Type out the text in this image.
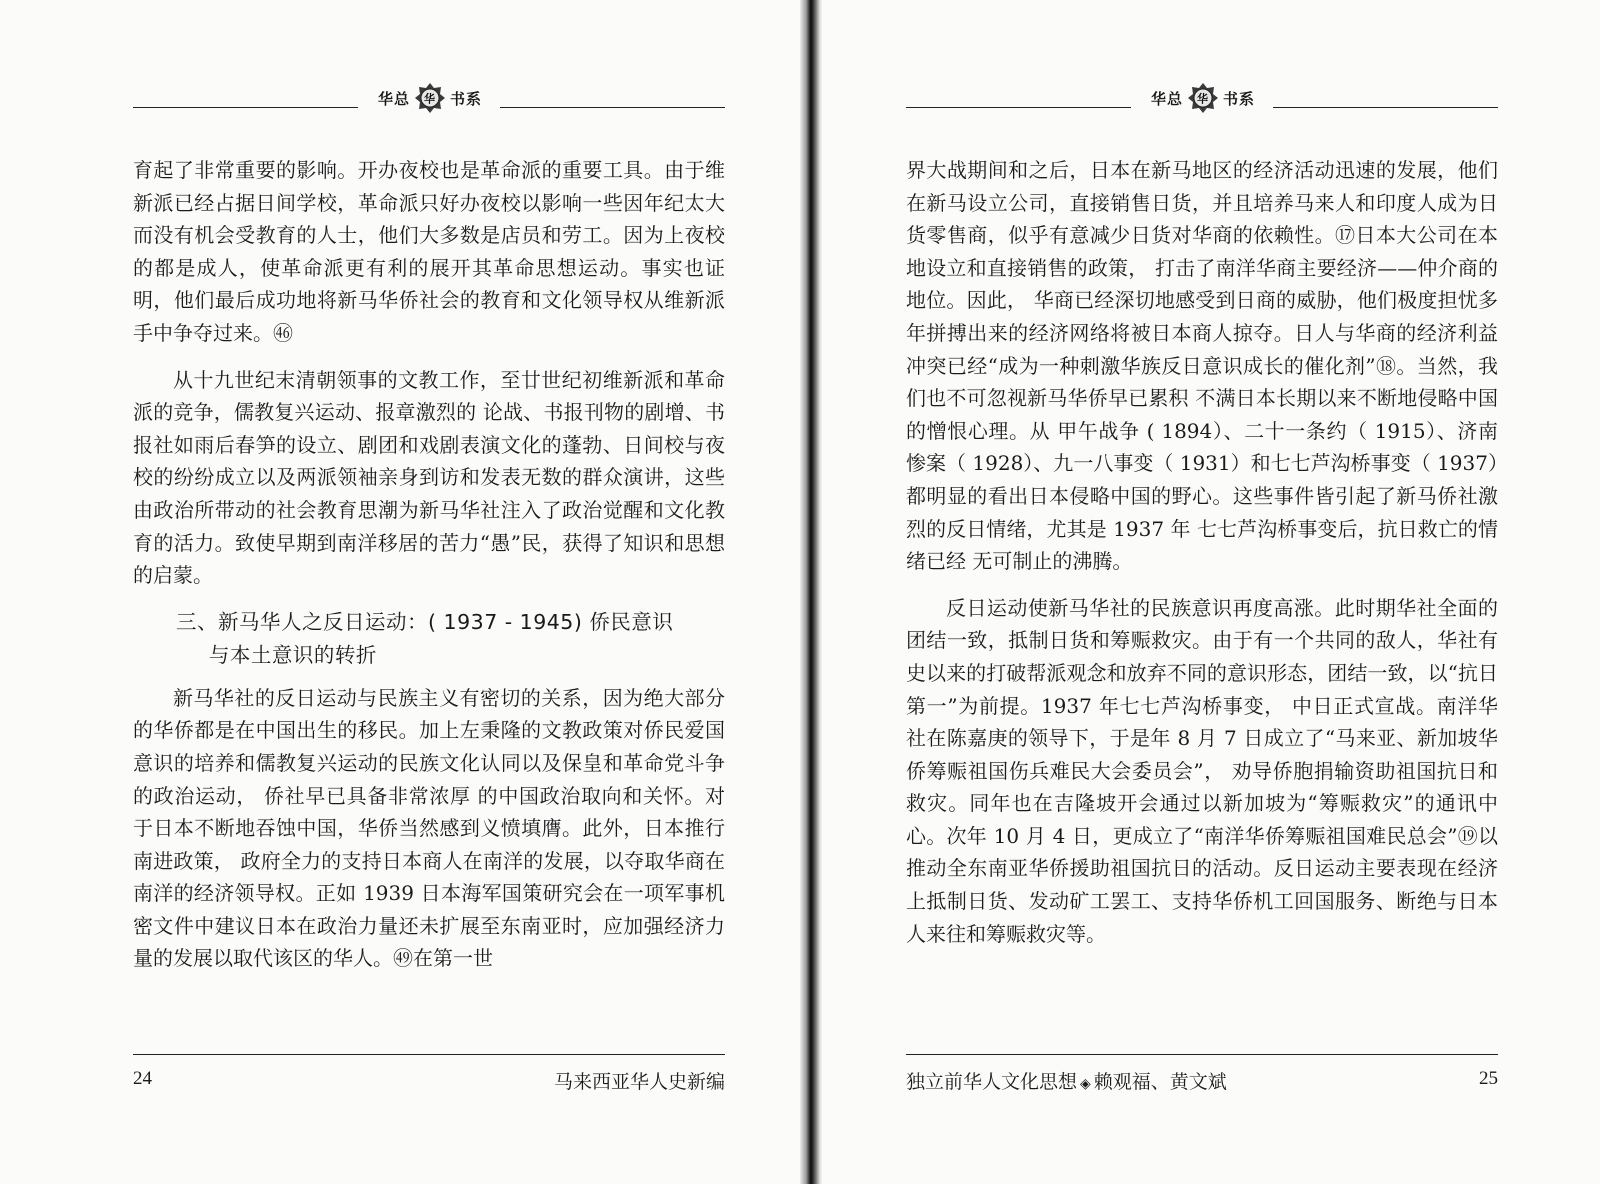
华总 华 书系

育起了非常重要的影响。开办夜校也是革命派的重要工具。由于维新派已经占据日间学校，革命派只好办夜校以影响一些因年纪太大而没有机会受教育的人士，他们大多数是店员和劳工。因为上夜校的都是成人，使革命派更有利的展开其革命思想运动。事实也证明，他们最后成功地将新马华侨社会的教育和文化领导权从维新派手中争夺过来。㊻

从十九世纪末清朝领事的文教工作，至廿世纪初维新派和革命派的竞争，儒教复兴运动、报章激烈的 论战、书报刊物的剧增、书报社如雨后春笋的设立、剧团和戏剧表演文化的蓬勃、日间校与夜校的纷纷成立以及两派领袖亲身到访和发表无数的群众演讲，这些由政治所带动的社会教育思潮为新马华社注入了政治觉醒和文化教育的活力。致使早期到南洋移居的苦力“愚”民，获得了知识和思想的启蒙。

三、新马华人之反日运动：( 1937 - 1945) 侨民意识
与本土意识的转折

新马华社的反日运动与民族主义有密切的关系，因为绝大部分的华侨都是在中国出生的移民。加上左秉隆的文教政策对侨民爱国意识的培养和儒教复兴运动的民族文化认同以及保皇和革命党斗争的政治运动， 侨社早已具备非常浓厚 的中国政治取向和关怀。对于日本不断地吞蚀中国，华侨当然感到义愤填膺。此外，日本推行南进政策， 政府全力的支持日本商人在南洋的发展，以夺取华商在南洋的经济领导权。正如 1939 日本海军国策研究会在一项军事机密文件中建议日本在政治力量还未扩展至东南亚时，应加强经济力量的发展以取代该区的华人。㊾在第一世

24	马来西亚华人史新编
华总 华 书系

界大战期间和之后，日本在新马地区的经济活动迅速的发展，他们在新马设立公司，直接销售日货，并且培养马来人和印度人成为日货零售商，似乎有意减少日货对华商的依赖性。⑰日本大公司在本地设立和直接销售的政策， 打击了南洋华商主要经济——仲介商的地位。因此， 华商已经深切地感受到日商的威胁，他们极度担忧多年拼搏出来的经济网络将被日本商人掠夺。日人与华商的经济利益冲突已经“成为一种刺激华族反日意识成长的催化剂”⑱。当然，我们也不可忽视新马华侨早已累积 不满日本长期以来不断地侵略中国的憎恨心理。从 甲午战争 ( 1894）、二十一条约（ 1915）、济南惨案（ 1928）、九一八事变（ 1931）和七七芦沟桥事变（ 1937）都明显的看出日本侵略中国的野心。这些事件皆引起了新马侨社激烈的反日情绪，尤其是 1937 年 七七芦沟桥事变后，抗日救亡的情绪已经 无可制止的沸腾。

反日运动使新马华社的民族意识再度高涨。此时期华社全面的团结一致，抵制日货和筹赈救灾。由于有一个共同的敌人，华社有史以来的打破帮派观念和放弃不同的意识形态，团结一致，以“抗日第一”为前提。1937 年七七芦沟桥事变， 中日正式宣战。南洋华社在陈嘉庚的领导下，于是年 8 月 7 日成立了“马来亚、新加坡华侨筹赈祖国伤兵难民大会委员会”， 劝导侨胞捐输资助祖国抗日和救灾。同年也在吉隆坡开会通过以新加坡为“筹赈救灾”的通讯中心。次年 10 月 4 日，更成立了“南洋华侨筹赈祖国难民总会”⑲以推动全东南亚华侨援助祖国抗日的活动。反日运动主要表现在经济上抵制日货、发动矿工罢工、支持华侨机工回国服务、断绝与日本 人来往和筹赈救灾等。

独立前华人文化思想 ◈ 赖观福、黄文斌	25
